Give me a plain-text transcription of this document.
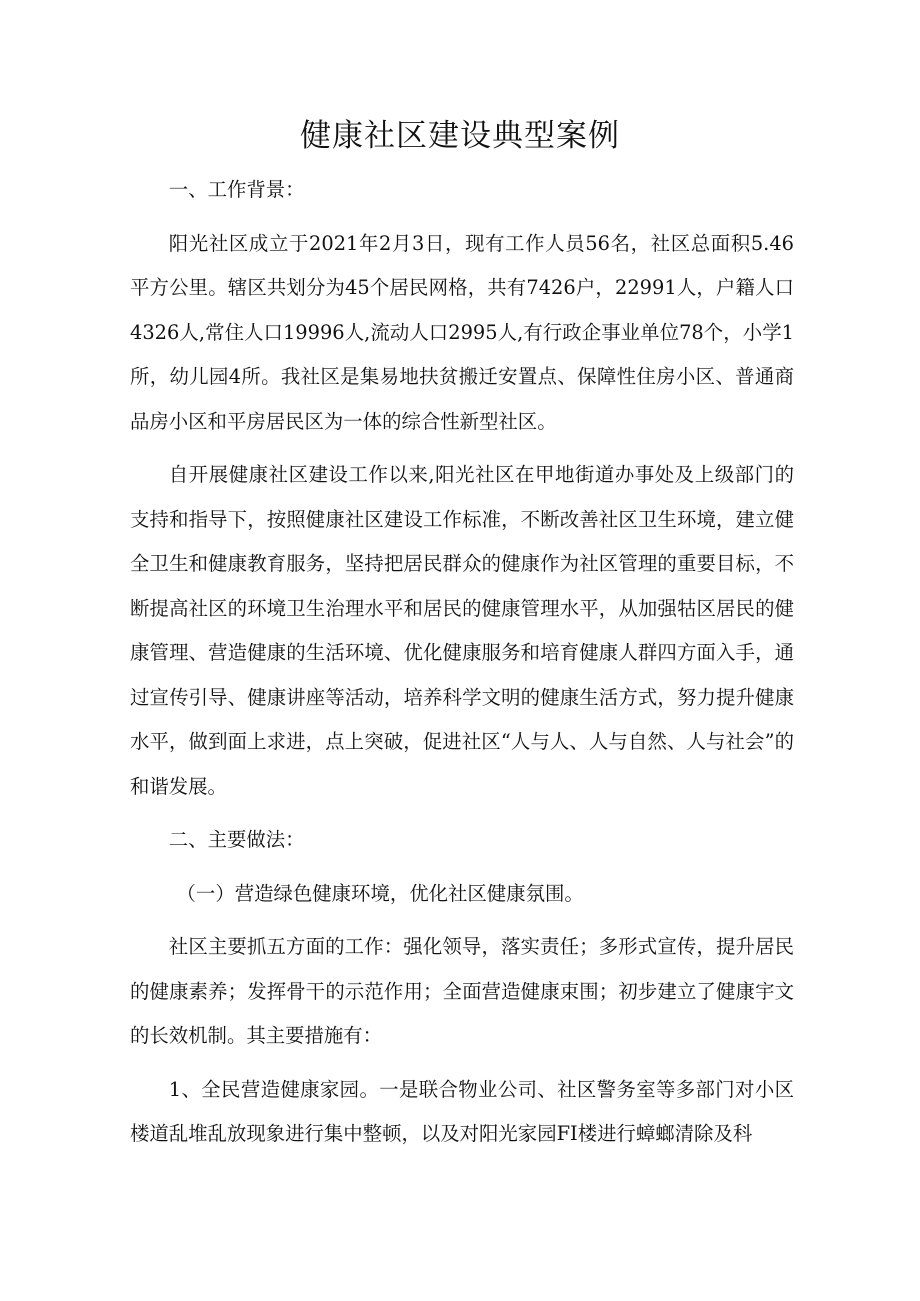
健康社区建设典型案例

一、工作背景：

阳光社区成立于2021年2月3日，现有工作人员56名，社区总面积5.46平方公里。辖区共划分为45个居民网格，共有7426户，22991人，户籍人口4326人,常住人口19996人,流动人口2995人,有行政企事业单位78个，小学1所，幼儿园4所。我社区是集易地扶贫搬迁安置点、保障性住房小区、普通商品房小区和平房居民区为一体的综合性新型社区。

自开展健康社区建设工作以来,阳光社区在甲地街道办事处及上级部门的支持和指导下，按照健康社区建设工作标准，不断改善社区卫生环境，建立健全卫生和健康教育服务，坚持把居民群众的健康作为社区管理的重要目标，不断提高社区的环境卫生治理水平和居民的健康管理水平，从加强牯区居民的健康管理、营造健康的生活环境、优化健康服务和培育健康人群四方面入手，通过宣传引导、健康讲座等活动，培养科学文明的健康生活方式，努力提升健康水平，做到面上求进，点上突破，促进社区“人与人、人与自然、人与社会”的和谐发展。

二、主要做法：

（一）营造绿色健康环境，优化社区健康氛围。

社区主要抓五方面的工作：强化领导，落实责任；多形式宣传，提升居民的健康素养；发挥骨干的示范作用；全面营造健康束围；初步建立了健康宇文的长效机制。其主要措施有：

1、全民营造健康家园。一是联合物业公司、社区警务室等多部门对小区楼道乱堆乱放现象进行集中整顿，以及对阳光家园FI楼进行蟑螂清除及科
